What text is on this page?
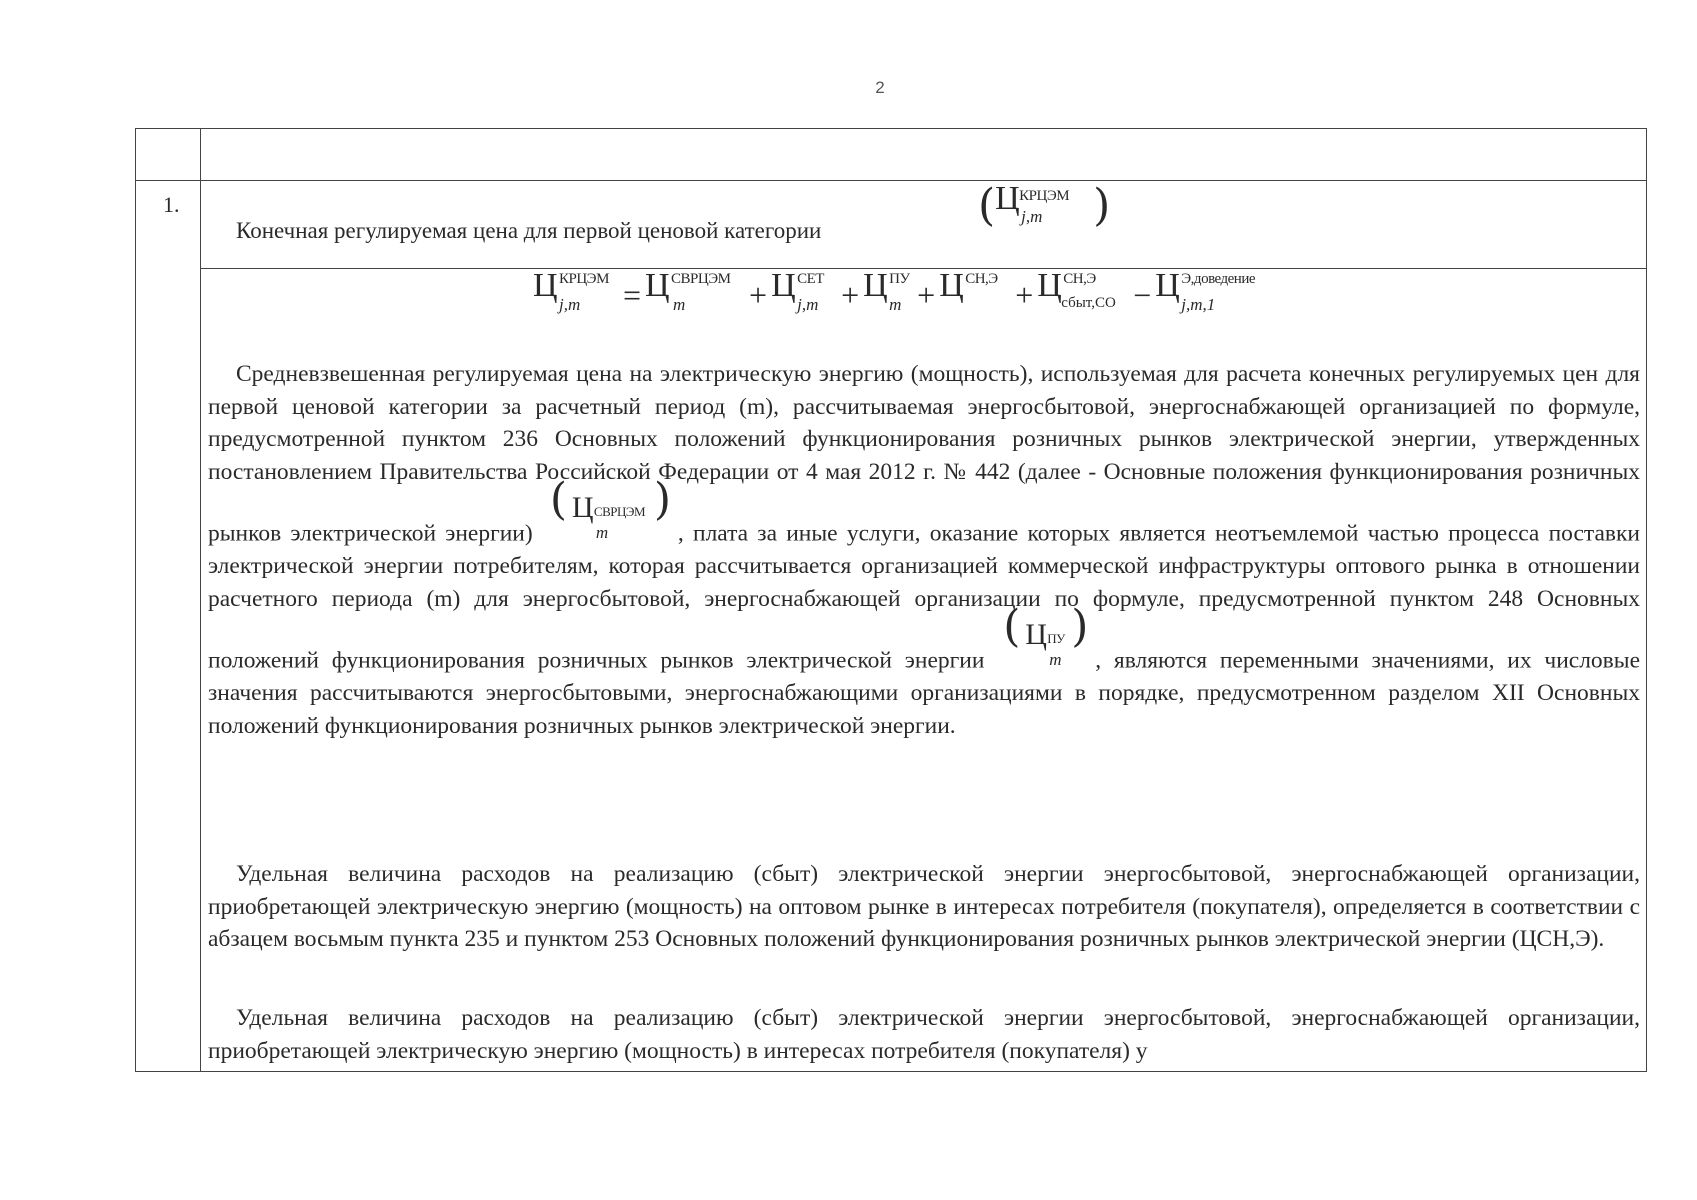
2
1.
Конечная регулируемая цена для первой ценовой категории	(Ц КРЦЭМ
j,m )
Ц КРЦЭМ
j,m = Ц СВРЦЭМ
m + Ц СЕТ
j,m + Ц ПУ
m + Ц СН,Э + Ц СН,Э
сбыт,СО − Ц Э,доведение
j,m,1
Средневзвешенная регулируемая цена на электрическую энергию (мощность), используемая для расчета конечных регулируемых цен для первой ценовой категории за расчетный период (m), рассчитываемая энергосбытовой, энергоснабжающей организацией по формуле, предусмотренной пунктом 236 Основных положений функционирования розничных рынков электрической энергии, утвержденных постановлением Правительства Российской Федерации от 4 мая 2012 г. № 442 (далее - Основные положения функционирования розничных рынков электрической энергии)
( Ц СВРЦЭМ
m
)
, плата за иные услуги, оказание которых является неотъемлемой частью процесса поставки электрической энергии потребителям, которая рассчитывается организацией коммерческой инфраструктуры оптового рынка в отношении расчетного периода (m) для энергосбытовой, энергоснабжающей организации по формуле, предусмотренной пунктом 248 Основных положений функционирования розничных рынков электрической энергии
( Ц ПУ
m
)
, являются переменными значениями, их числовые значения рассчитываются энергосбытовыми, энергоснабжающими организациями в порядке, предусмотренном разделом XII Основных положений функционирования розничных рынков электрической энергии.
Удельная величина расходов на реализацию (сбыт) электрической энергии энергосбытовой, энергоснабжающей организации, приобретающей электрическую энергию (мощность) на оптовом рынке в интересах потребителя (покупателя), определяется в соответствии с абзацем восьмым пункта 235 и пунктом 253 Основных положений функционирования розничных рынков электрической энергии (ЦСН,Э).
Удельная величина расходов на реализацию (сбыт) электрической энергии энергосбытовой, энергоснабжающей организации, приобретающей электрическую энергию (мощность) в интересах потребителя (покупателя) у
